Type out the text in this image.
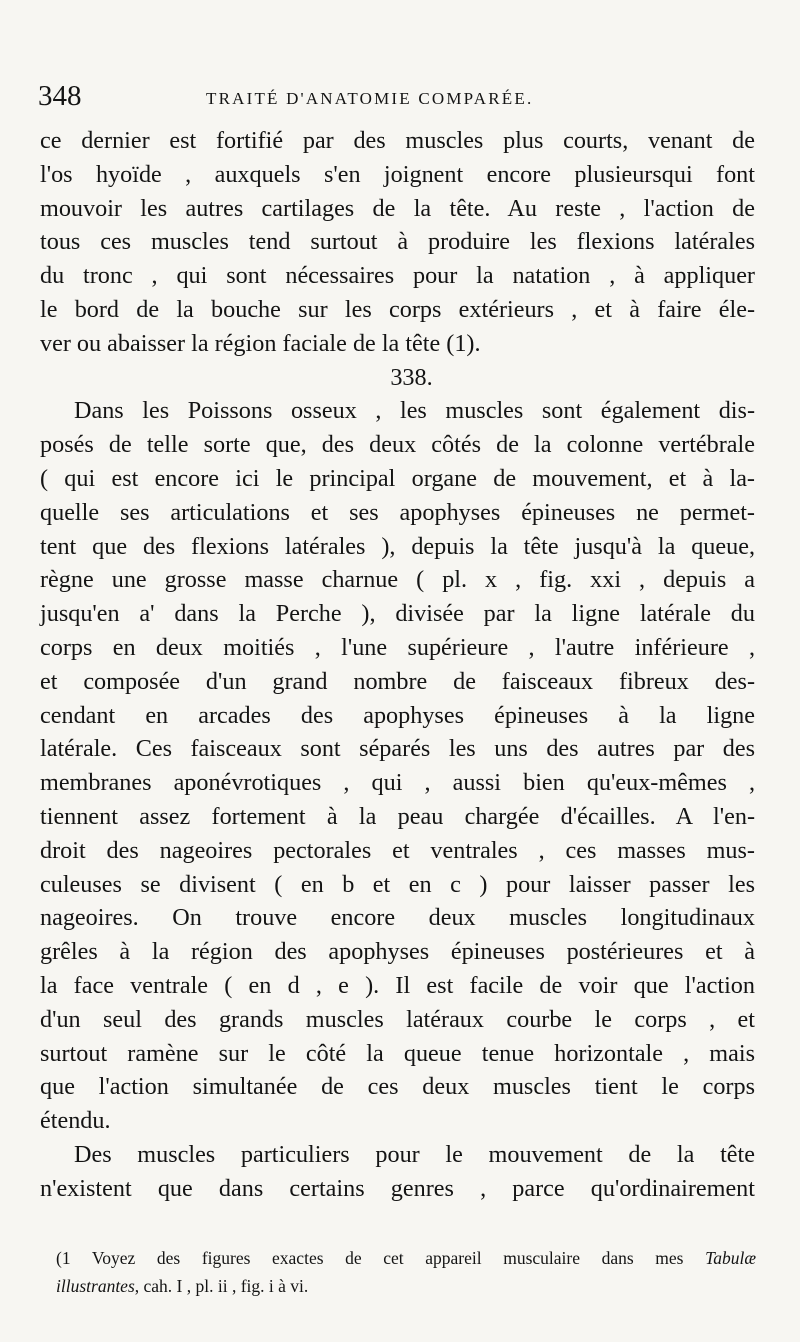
348	TRAITÉ D'ANATOMIE COMPARÉE.
ce dernier est fortifié par des muscles plus courts, venant de
l'os hyoïde , auxquels s'en joignent encore plusieursqui font
mouvoir les autres cartilages de la tête. Au reste , l'action de
tous ces muscles tend surtout à produire les flexions latérales
du tronc , qui sont nécessaires pour la natation , à appliquer
le bord de la bouche sur les corps extérieurs , et à faire éle-
ver ou abaisser la région faciale de la tête (1).
338.
Dans les Poissons osseux , les muscles sont également dis-
posés de telle sorte que, des deux côtés de la colonne vertébrale
( qui est encore ici le principal organe de mouvement, et à la-
quelle ses articulations et ses apophyses épineuses ne permet-
tent que des flexions latérales ), depuis la tête jusqu'à la queue,
règne une grosse masse charnue ( pl. x , fig. xxi , depuis a
jusqu'en a' dans la Perche ), divisée par la ligne latérale du
corps en deux moitiés , l'une supérieure , l'autre inférieure ,
et composée d'un grand nombre de faisceaux fibreux des-
cendant en arcades des apophyses épineuses à la ligne
latérale. Ces faisceaux sont séparés les uns des autres par des
membranes aponévrotiques , qui , aussi bien qu'eux-mêmes ,
tiennent assez fortement à la peau chargée d'écailles. A l'en-
droit des nageoires pectorales et ventrales , ces masses mus-
culeuses se divisent ( en b et en c ) pour laisser passer les
nageoires. On trouve encore deux muscles longitudinaux
grêles à la région des apophyses épineuses postérieures et à
la face ventrale ( en d , e ). Il est facile de voir que l'action
d'un seul des grands muscles latéraux courbe le corps , et
surtout ramène sur le côté la queue tenue horizontale , mais
que l'action simultanée de ces deux muscles tient le corps
étendu.
Des muscles particuliers pour le mouvement de la tête
n'existent que dans certains genres , parce qu'ordinairement
(1 Voyez des figures exactes de cet appareil musculaire dans mes Tabulæ
illustrantes, cah. I , pl. ii , fig. i à vi.
